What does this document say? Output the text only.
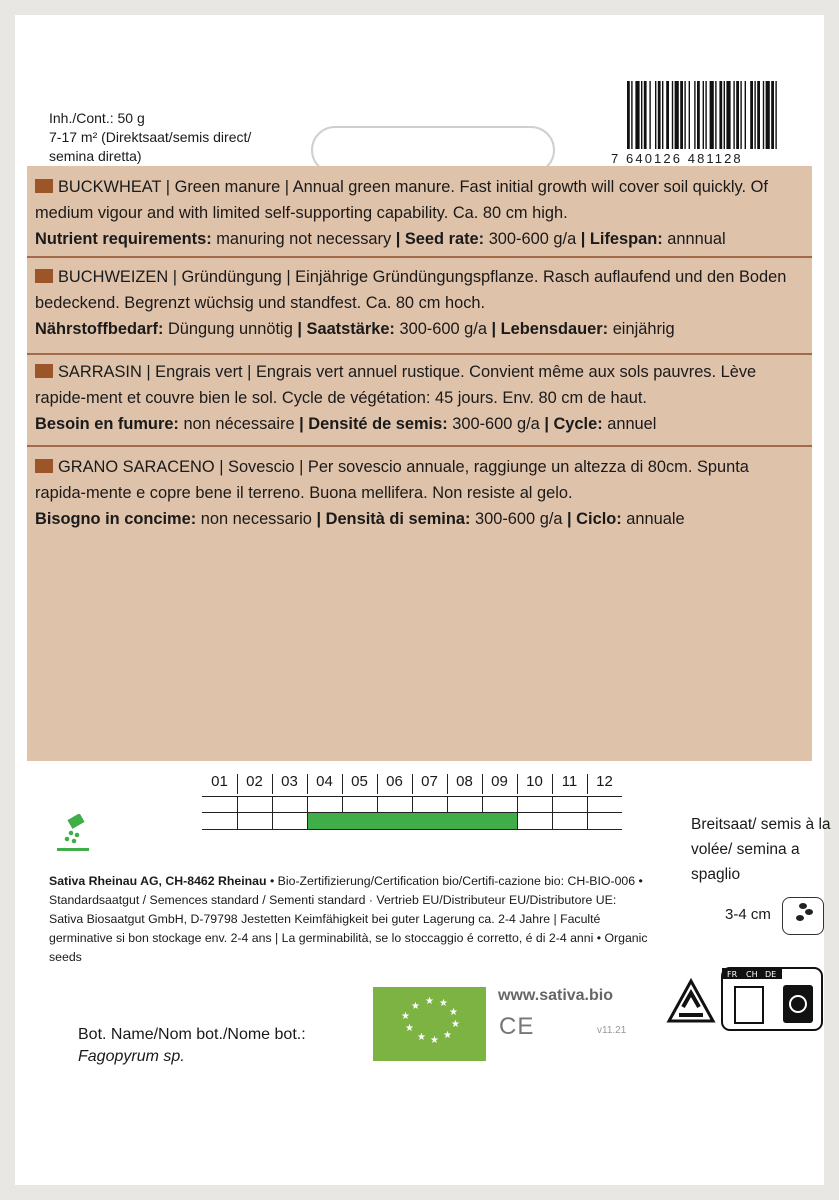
Inh./Cont.: 50 g
7-17 m² (Direktsaat/semis direct/
semina diretta)	7 640126 481128
Breitsaat/ semis à la volée/ semina a spaglio
3-4 cm
Sativa Rheinau AG, CH-8462 Rheinau • Bio-Zertifizierung/Certification bio/Certifi-cazione bio: CH-BIO-006 • Standardsaatgut / Semences standard / Sementi standard · Vertrieb EU/Distributeur EU/Distributore UE: Sativa Biosaatgut GmbH, D-79798 Jestetten Keimfähigkeit bei guter Lagerung ca. 2-4 Jahre | Faculté germinative si bon stockage env. 2-4 ans | La germinabilità, se lo stoccaggio é corretto, é di 2-4 anni • Organic seeds
★ ★ ★
★
★
★
★
★
★
★
www.sativa.bio
CE	v11.21
FR CH DE
Bot. Name/Nom bot./Nome bot.:
Fagopyrum sp.
BUCKWHEAT | Green manure | Annual green manure. Fast initial growth will cover soil quickly. Of medium vigour and with limited self-supporting capability. Ca. 80 cm high.
Nutrient requirements: manuring not necessary | Seed rate: 300-600 g/a | Lifespan: annnual
BUCHWEIZEN | Gründüngung | Einjährige Gründüngungspflanze. Rasch auflaufend und den Boden bedeckend. Begrenzt wüchsig und standfest. Ca. 80 cm hoch.
Nährstoffbedarf: Düngung unnötig | Saatstärke: 300-600 g/a | Lebensdauer: einjährig
SARRASIN | Engrais vert | Engrais vert annuel rustique. Convient même aux sols pauvres. Lève rapide-ment et couvre bien le sol. Cycle de végétation: 45 jours. Env. 80 cm de haut.
Besoin en fumure: non nécessaire | Densité de semis: 300-600 g/a | Cycle: annuel
GRANO SARACENO | Sovescio | Per sovescio annuale, raggiunge un altezza di 80cm. Spunta rapida-mente e copre bene il terreno. Buona mellifera. Non resiste al gelo.
Bisogno in concime: non necessario | Densità di semina: 300-600 g/a | Ciclo: annuale
01	02	03	04	05	06	07	08	09	10	11	12
